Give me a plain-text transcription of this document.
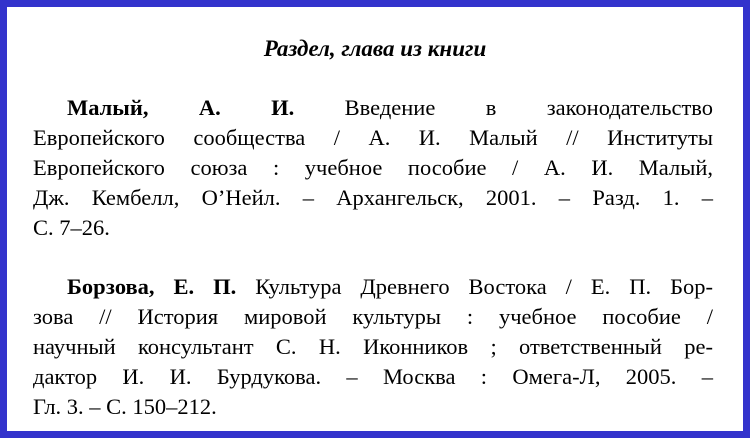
Раздел, глава из книги
Малый, А. И. Введение в законодательство
Европейского сообщества / А. И. Малый // Институты
Европейского союза : учебное пособие / А. И. Малый,
Дж. Кембелл, О’Нейл. – Архангельск, 2001. – Разд. 1. –
С. 7–26.
Борзова, Е. П. Культура Древнего Востока / Е. П. Бор-
зова // История мировой культуры : учебное пособие /
научный консультант С. Н. Иконников ; ответственный ре-
дактор И. И. Бурдукова. – Москва : Омега-Л, 2005. –
Гл. 3. – С. 150–212.
